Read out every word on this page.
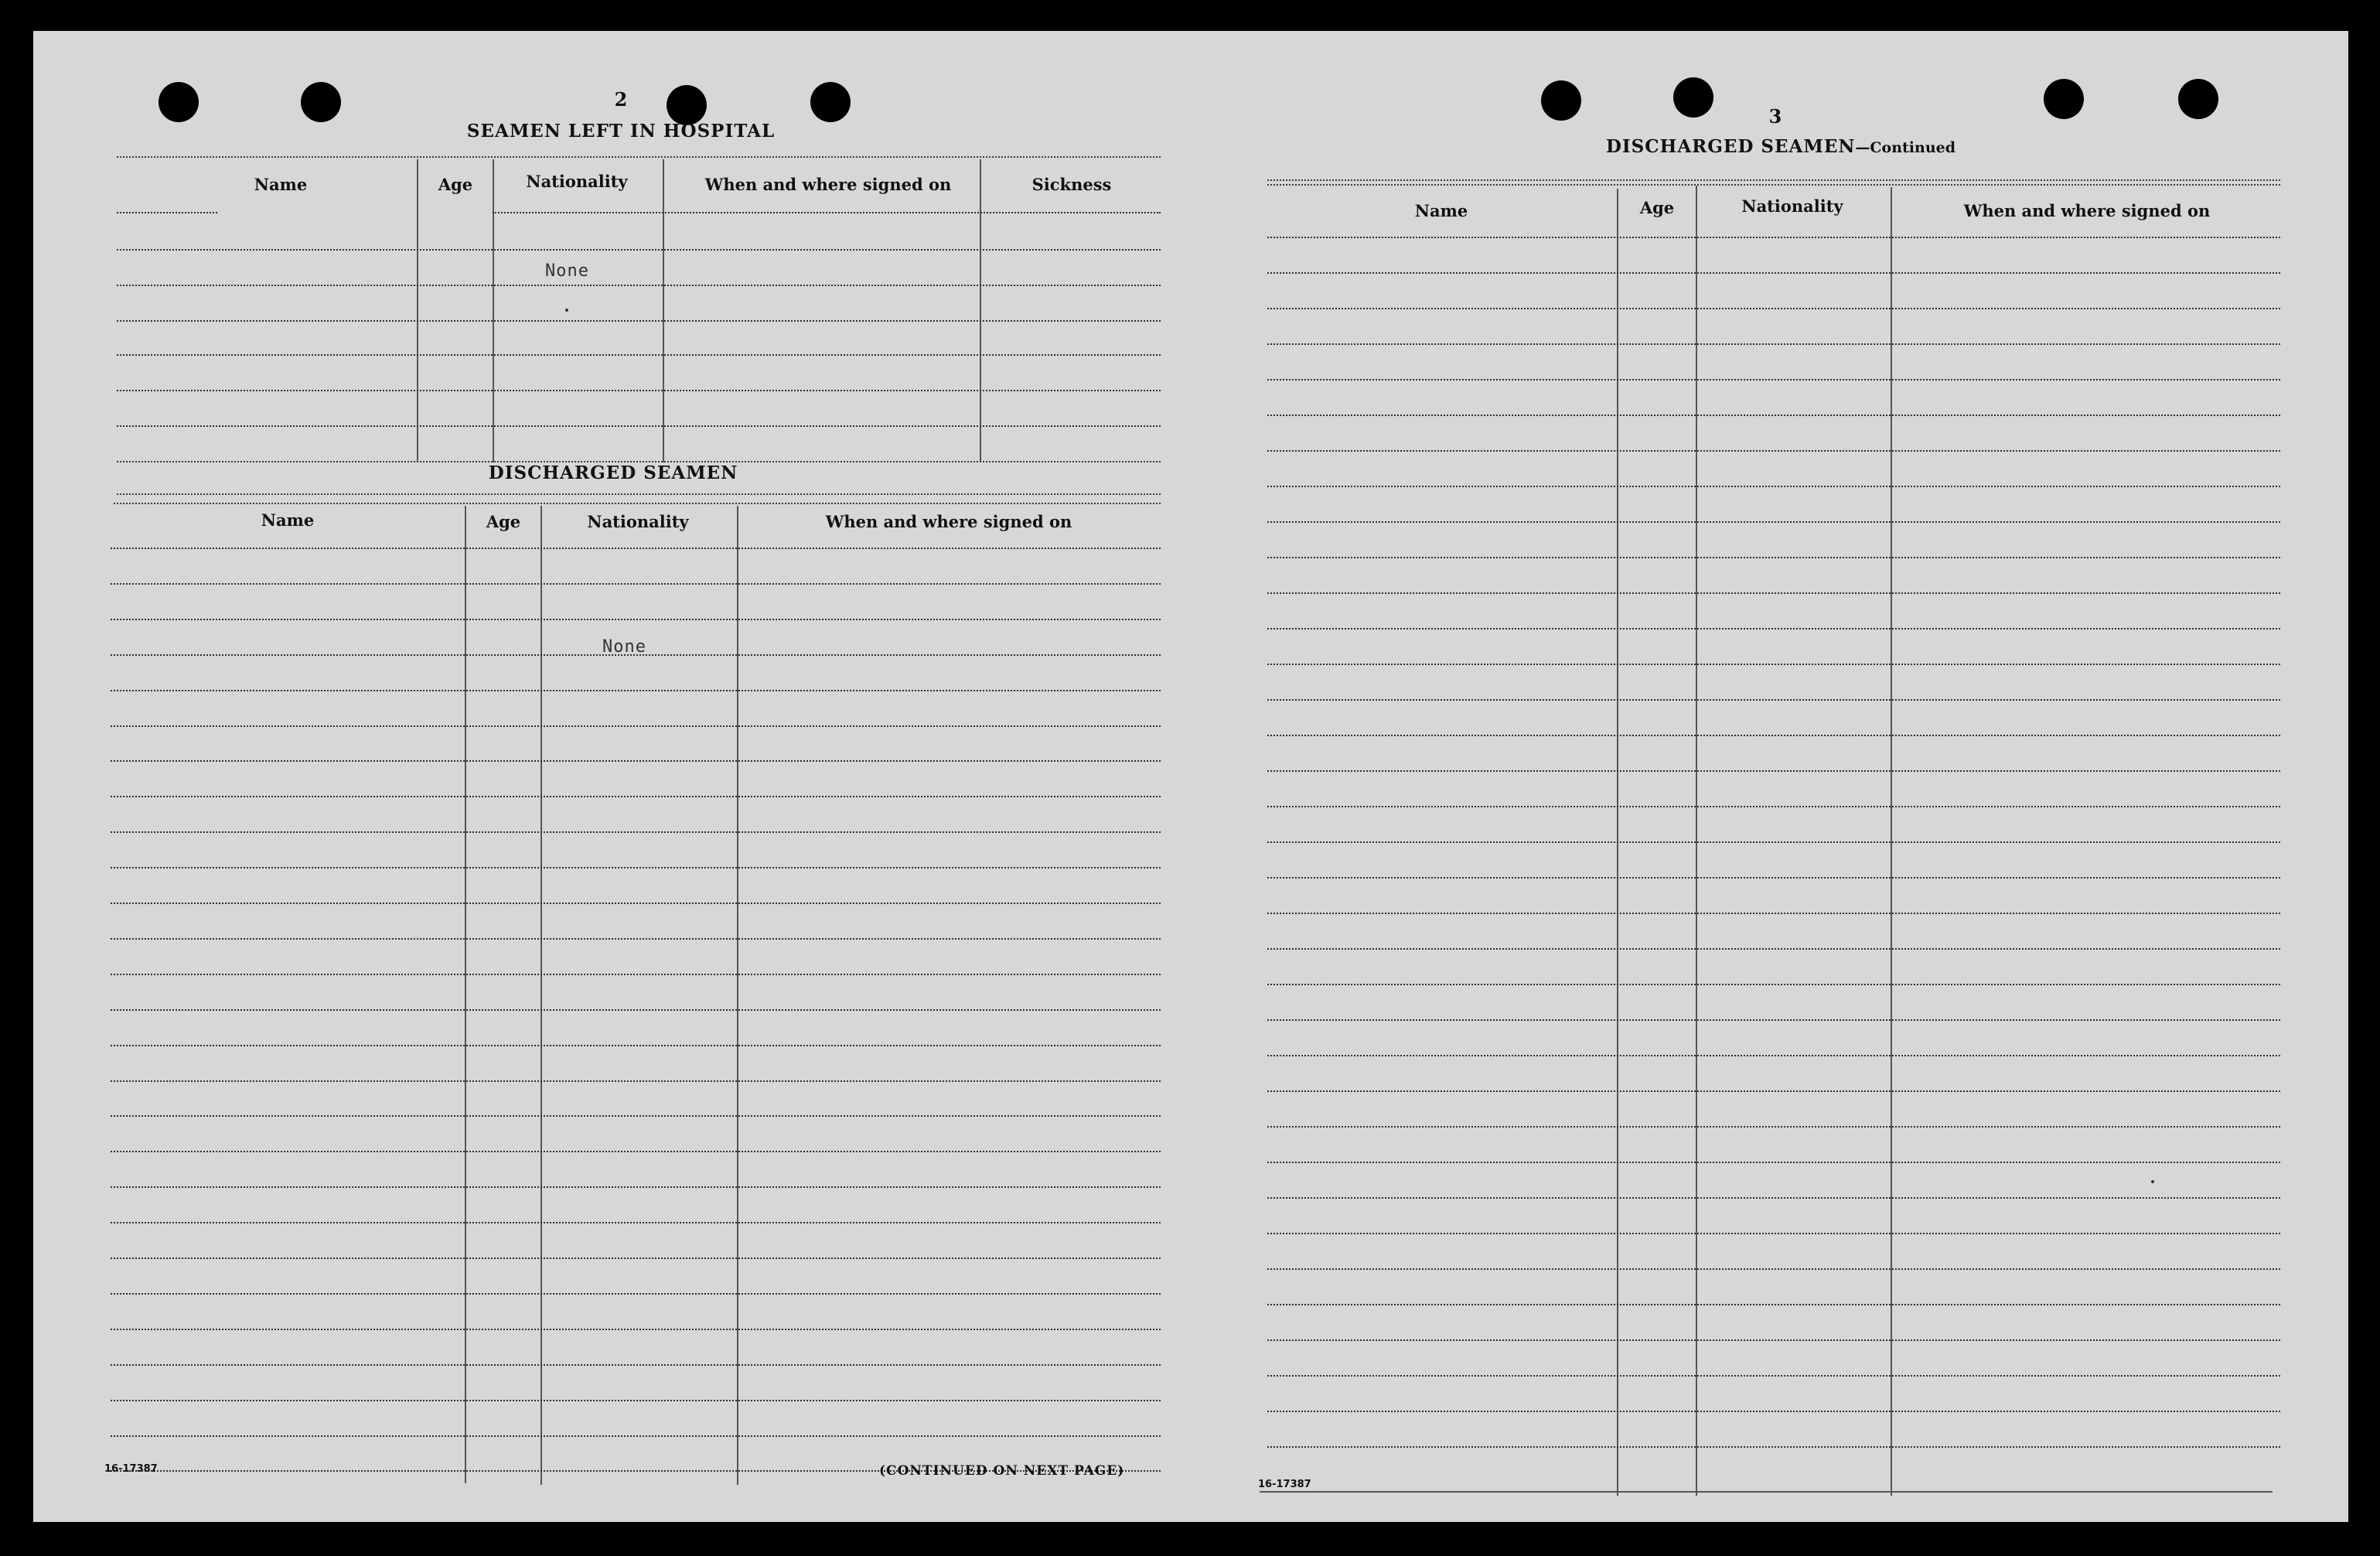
2
SEAMEN LEFT IN HOSPITAL
Name	Age	Nationality	When and where signed on	Sickness
None
DISCHARGED SEAMEN
Name	Age	Nationality	When and where signed on
None
16-17387	(CONTINUED ON NEXT PAGE)
3
DISCHARGED SEAMEN—Continued
Name	Age	Nationality	When and where signed on
16-17387
